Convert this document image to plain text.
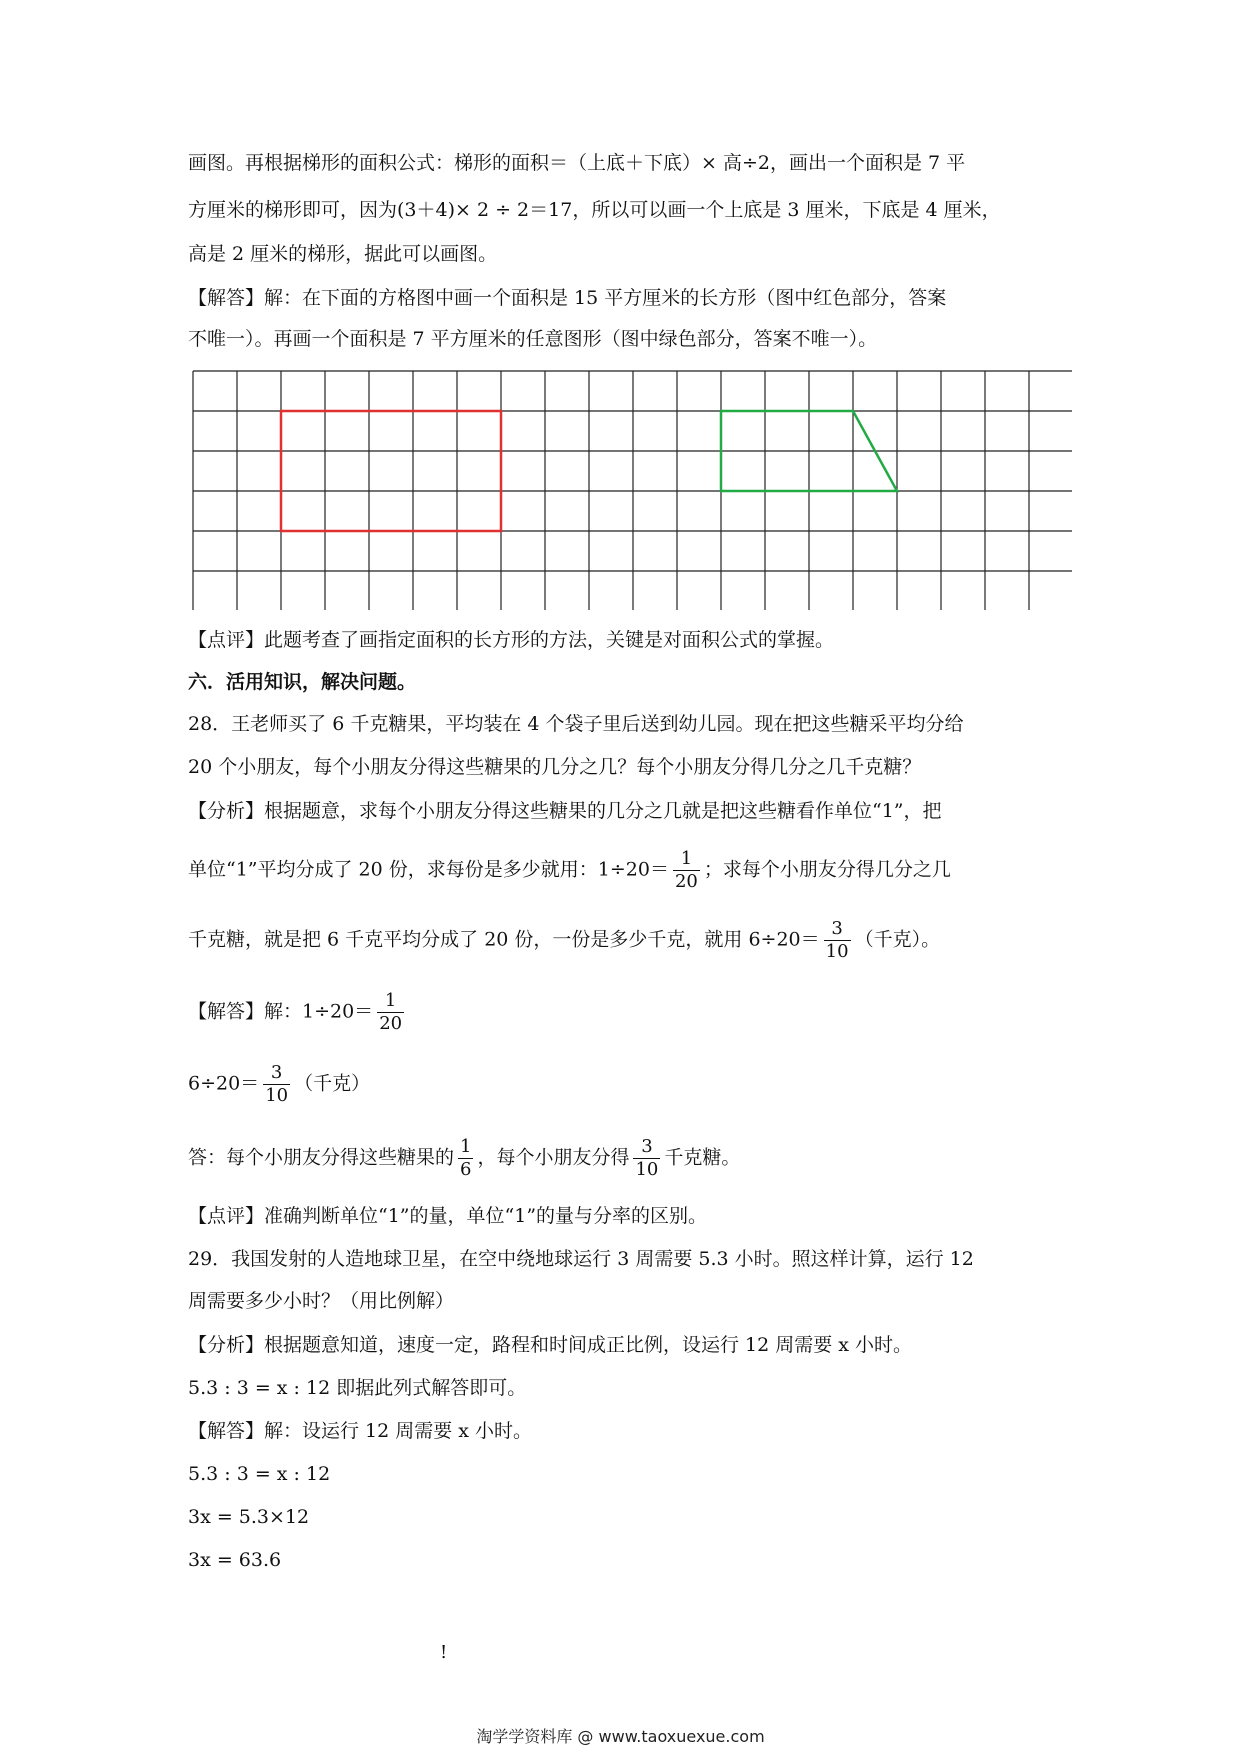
画图。再根据梯形的面积公式：梯形的面积＝（上底＋下底）× 高÷2，画出一个面积是 7 平
方厘米的梯形即可，因为(3＋4)× 2 ÷ 2＝17，所以可以画一个上底是 3 厘米，下底是 4 厘米，
高是 2 厘米的梯形，据此可以画图。
【解答】解：在下面的方格图中画一个面积是 15 平方厘米的长方形（图中红色部分，答案
不唯一）。再画一个面积是 7 平方厘米的任意图形（图中绿色部分，答案不唯一）。
【点评】此题考查了画指定面积的长方形的方法，关键是对面积公式的掌握。
六．活用知识，解决问题。
28．王老师买了 6 千克糖果，平均装在 4 个袋子里后送到幼儿园。现在把这些糖采平均分给
20 个小朋友，每个小朋友分得这些糖果的几分之几？每个小朋友分得几分之几千克糖？
【分析】根据题意，求每个小朋友分得这些糖果的几分之几就是把这些糖看作单位“1”，把
单位“1”平均分成了 20 份，求每份是多少就用：$1\div 20= \frac{1}{20}$ ；求每个小朋友分得几分之几
千克糖，就是把 6 千克平均分成了 20 份，一份是多少千克，就用 $6\div 20= \frac{3}{10}$ （千克）。
【解答】解：$1\div 20= \frac{1}{20}$
$6\div 20= \frac{3}{10}$ （千克）
答：每个小朋友分得这些糖果的 $\frac{1}{6}$ ，每个小朋友分得 $\frac{3}{10}$ 千克糖。
【点评】准确判断单位“1”的量，单位“1”的量与分率的区别。
29．我国发射的人造地球卫星，在空中绕地球运行 3 周需要 5.3 小时。照这样计算，运行 12
周需要多少小时？（用比例解）
【分析】根据题意知道，速度一定，路程和时间成正比例，设运行 12 周需要 x 小时。
5.3 : 3 = x : 12 即据此列式解答即可。
【解答】解：设运行 12 周需要 x 小时。
5.3 : 3 = x : 12
3x = 5.3×12
3x = 63.6
!
淘学学资料库 @ www.taoxuexue.com
